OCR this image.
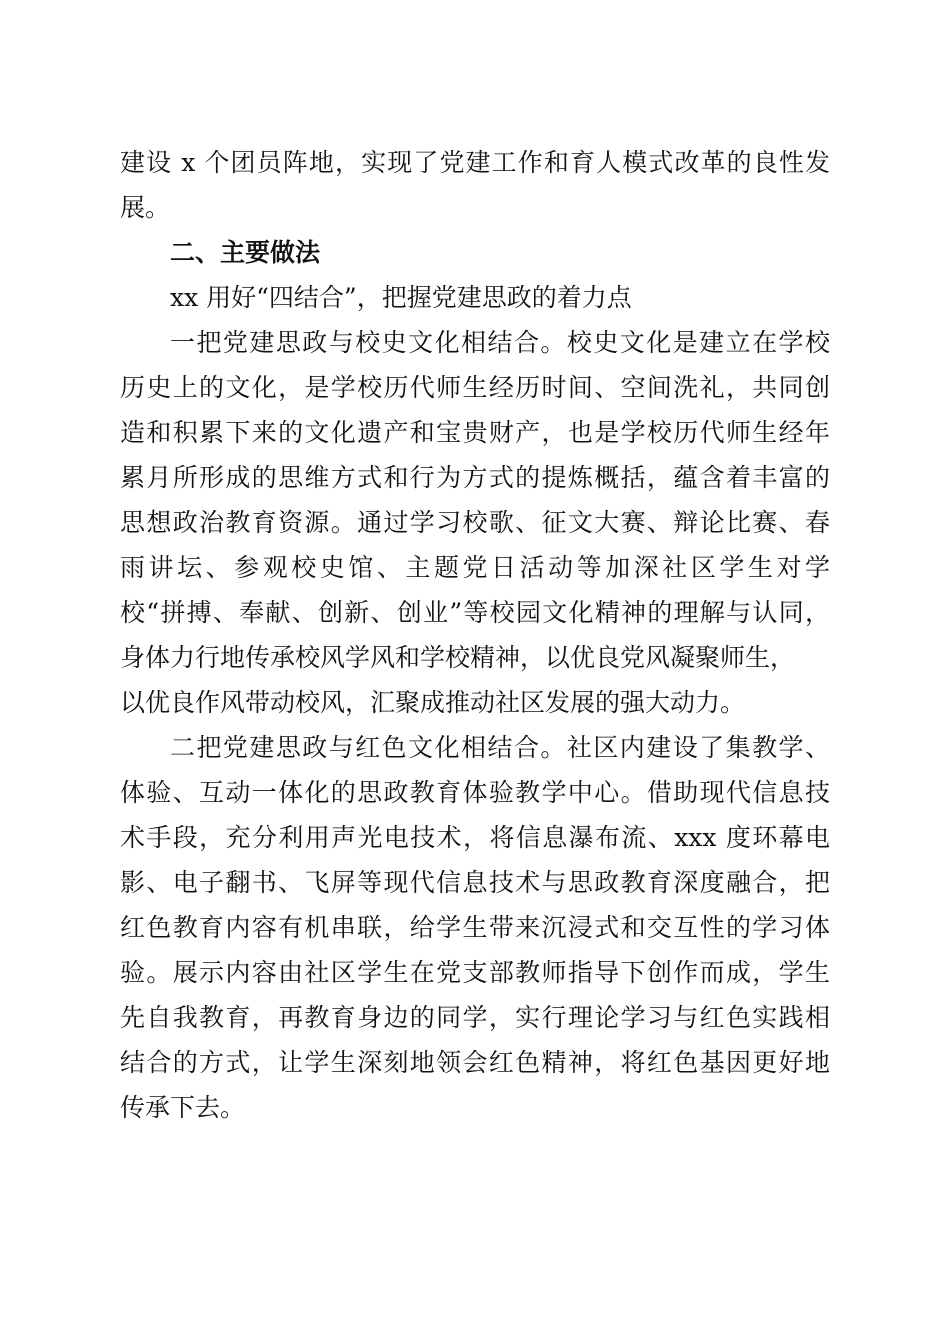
建设 x 个团员阵地，实现了党建工作和育人模式改革的良性发
展。
二、主要做法
xx 用好“四结合”，把握党建思政的着力点
一把党建思政与校史文化相结合。校史文化是建立在学校
历史上的文化，是学校历代师生经历时间、空间洗礼，共同创
造和积累下来的文化遗产和宝贵财产，也是学校历代师生经年
累月所形成的思维方式和行为方式的提炼概括，蕴含着丰富的
思想政治教育资源。通过学习校歌、征文大赛、辩论比赛、春
雨讲坛、参观校史馆、主题党日活动等加深社区学生对学
校“拼搏、奉献、创新、创业”等校园文化精神的理解与认同，
身体力行地传承校风学风和学校精神，以优良党风凝聚师生，
以优良作风带动校风，汇聚成推动社区发展的强大动力。
二把党建思政与红色文化相结合。社区内建设了集教学、
体验、互动一体化的思政教育体验教学中心。借助现代信息技
术手段，充分利用声光电技术，将信息瀑布流、xxx 度环幕电
影、电子翻书、飞屏等现代信息技术与思政教育深度融合，把
红色教育内容有机串联，给学生带来沉浸式和交互性的学习体
验。展示内容由社区学生在党支部教师指导下创作而成，学生
先自我教育，再教育身边的同学，实行理论学习与红色实践相
结合的方式，让学生深刻地领会红色精神，将红色基因更好地
传承下去。
